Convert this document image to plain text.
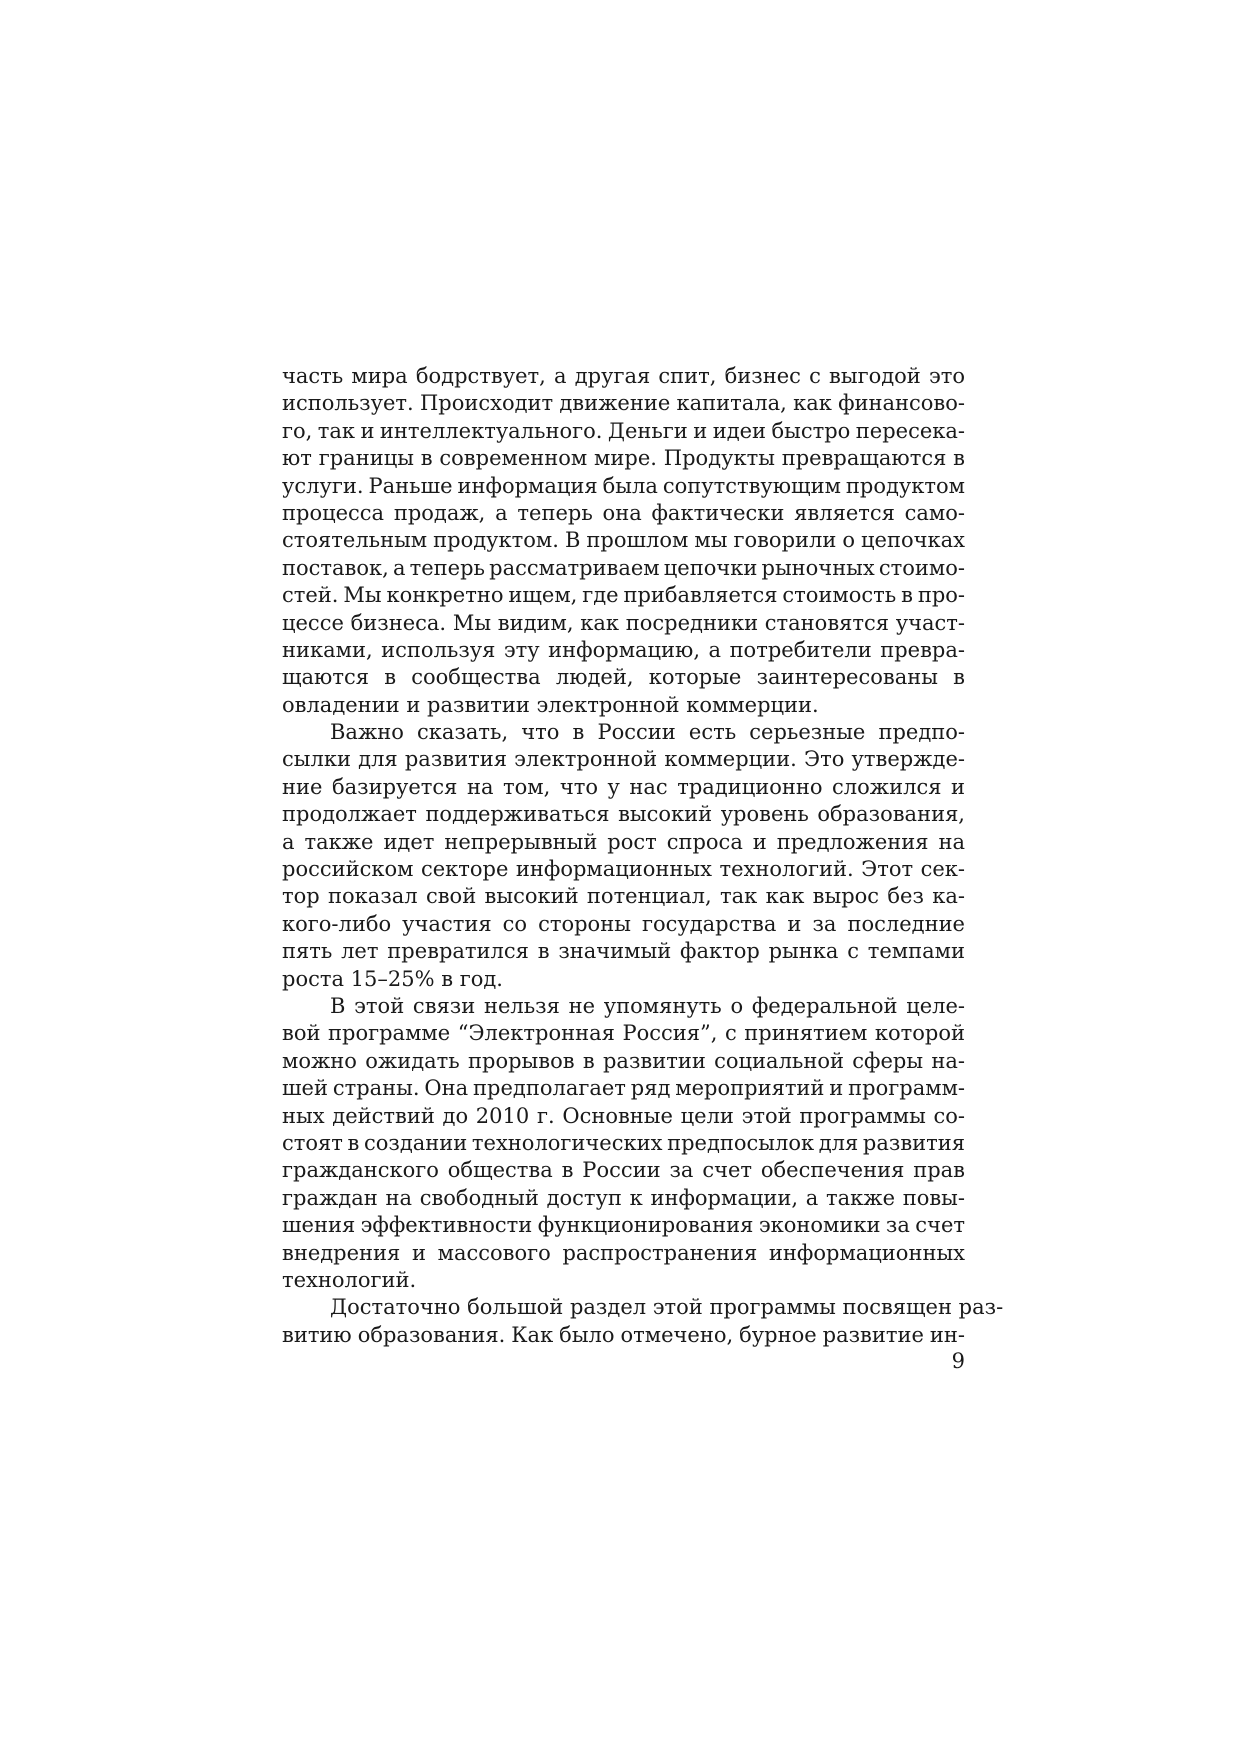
часть мира бодрствует, а другая спит, бизнес с выгодой это
использует. Происходит движение капитала, как финансово-
го, так и интеллектуального. Деньги и идеи быстро пересека-
ют границы в современном мире. Продукты превращаются в
услуги. Раньше информация была сопутствующим продуктом
процесса продаж, а теперь она фактически является само-
стоятельным продуктом. В прошлом мы говорили о цепочках
поставок, а теперь рассматриваем цепочки рыночных стоимо-
стей. Мы конкретно ищем, где прибавляется стоимость в про-
цессе бизнеса. Мы видим, как посредники становятся участ-
никами, используя эту информацию, а потребители превра-
щаются в сообщества людей, которые заинтересованы в
овладении и развитии электронной коммерции.
Важно сказать, что в России есть серьезные предпо-
сылки для развития электронной коммерции. Это утвержде-
ние базируется на том, что у нас традиционно сложился и
продолжает поддерживаться высокий уровень образования,
а также идет непрерывный рост спроса и предложения на
российском секторе информационных технологий. Этот сек-
тор показал свой высокий потенциал, так как вырос без ка-
кого-либо участия со стороны государства и за последние
пять лет превратился в значимый фактор рынка с темпами
роста 15–25% в год.
В этой связи нельзя не упомянуть о федеральной целе-
вой программе “Электронная Россия”, с принятием которой
можно ожидать прорывов в развитии социальной сферы на-
шей страны. Она предполагает ряд мероприятий и программ-
ных действий до 2010 г. Основные цели этой программы со-
стоят в создании технологических предпосылок для развития
гражданского общества в России за счет обеспечения прав
граждан на свободный доступ к информации, а также повы-
шения эффективности функционирования экономики за счет
внедрения и массового распространения информационных
технологий.
Достаточно большой раздел этой программы посвящен раз-
витию образования. Как было отмечено, бурное развитие ин-
9
